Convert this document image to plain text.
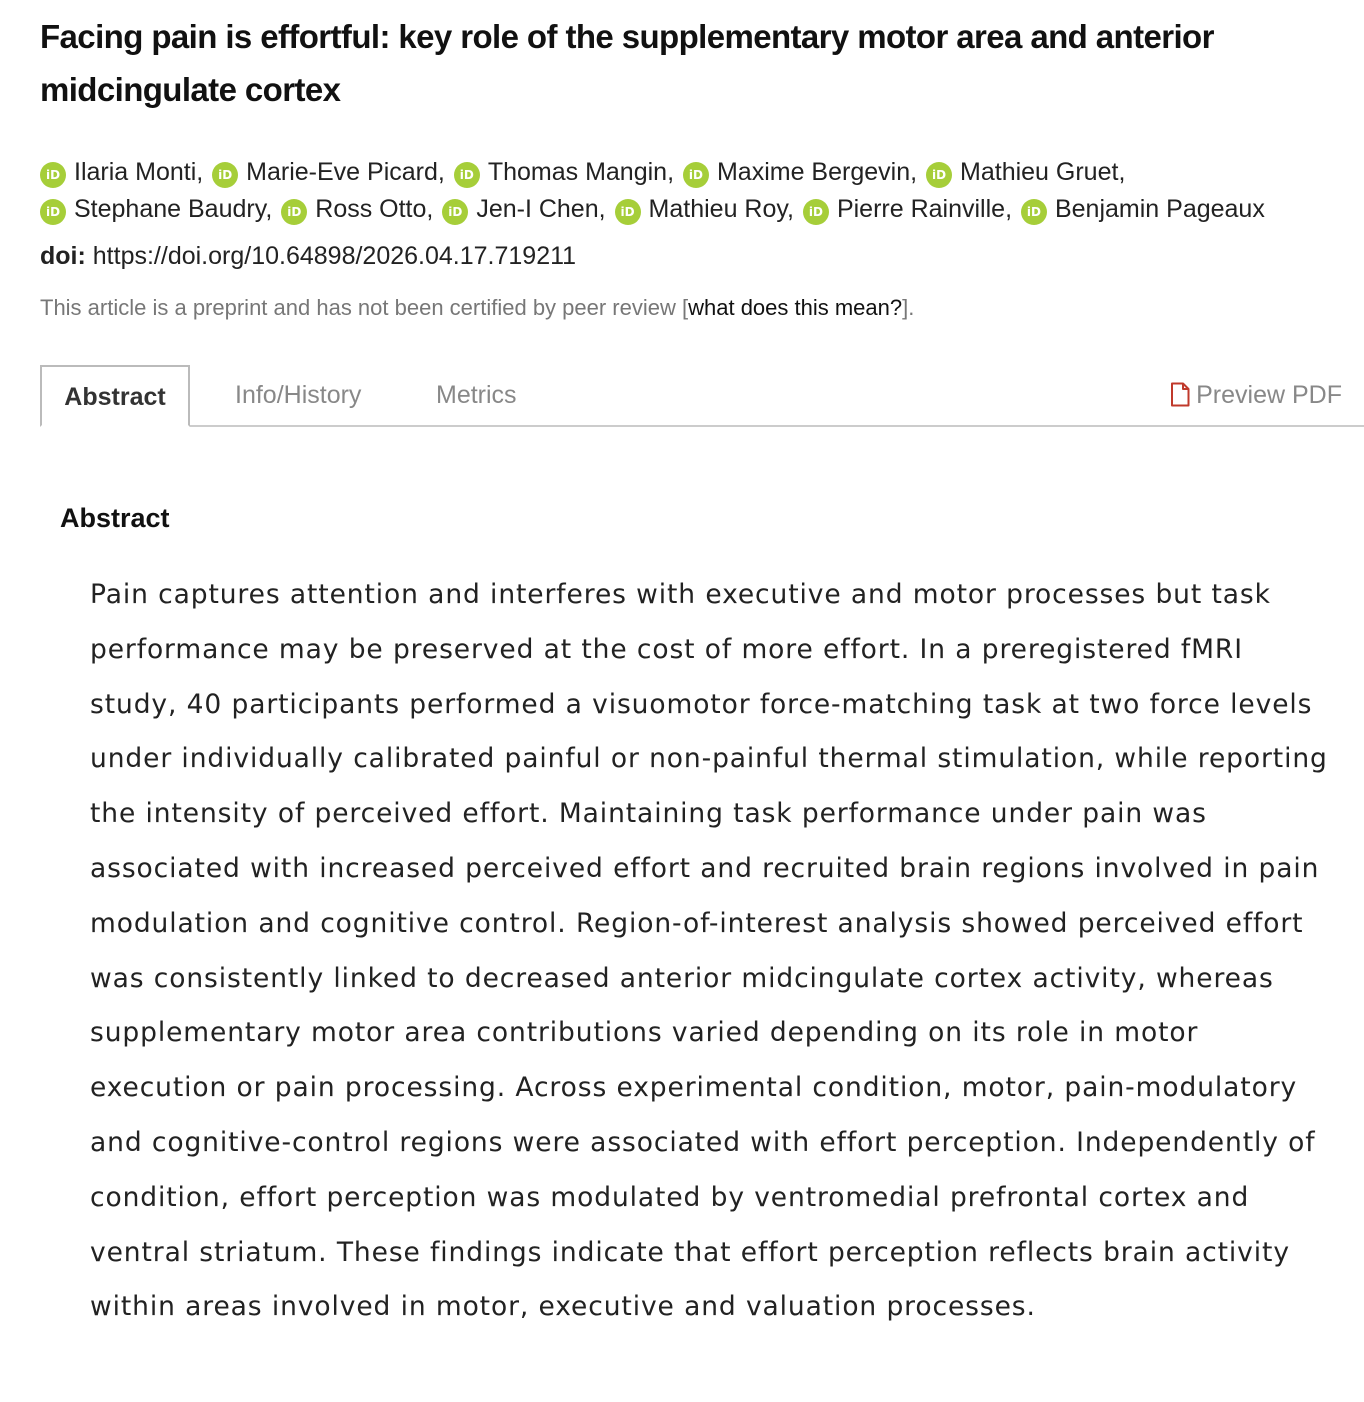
Facing pain is effortful: key role of the supplementary motor area and anterior midcingulate cortex
iD Ilaria Monti, iD Marie-Eve Picard, iD Thomas Mangin, iD Maxime Bergevin, iD Mathieu Gruet,
iD Stephane Baudry, iD Ross Otto, iD Jen-I Chen, iD Mathieu Roy, iD Pierre Rainville, iD Benjamin Pageaux
doi: https://doi.org/10.64898/2026.04.17.719211
This article is a preprint and has not been certified by peer review [what does this mean?].
Abstract	Info/History	Metrics	Preview PDF
Abstract

Pain captures attention and interferes with executive and motor processes but task performance may be preserved at the cost of more effort. In a preregistered fMRI study, 40 participants performed a visuomotor force-matching task at two force levels under individually calibrated painful or non-painful thermal stimulation, while reporting the intensity of perceived effort. Maintaining task performance under pain was associated with increased perceived effort and recruited brain regions involved in pain modulation and cognitive control. Region-of-interest analysis showed perceived effort was consistently linked to decreased anterior midcingulate cortex activity, whereas supplementary motor area contributions varied depending on its role in motor execution or pain processing. Across experimental condition, motor, pain-modulatory and cognitive-control regions were associated with effort perception. Independently of condition, effort perception was modulated by ventromedial prefrontal cortex and ventral striatum. These findings indicate that effort perception reflects brain activity within areas involved in motor, executive and valuation processes.
